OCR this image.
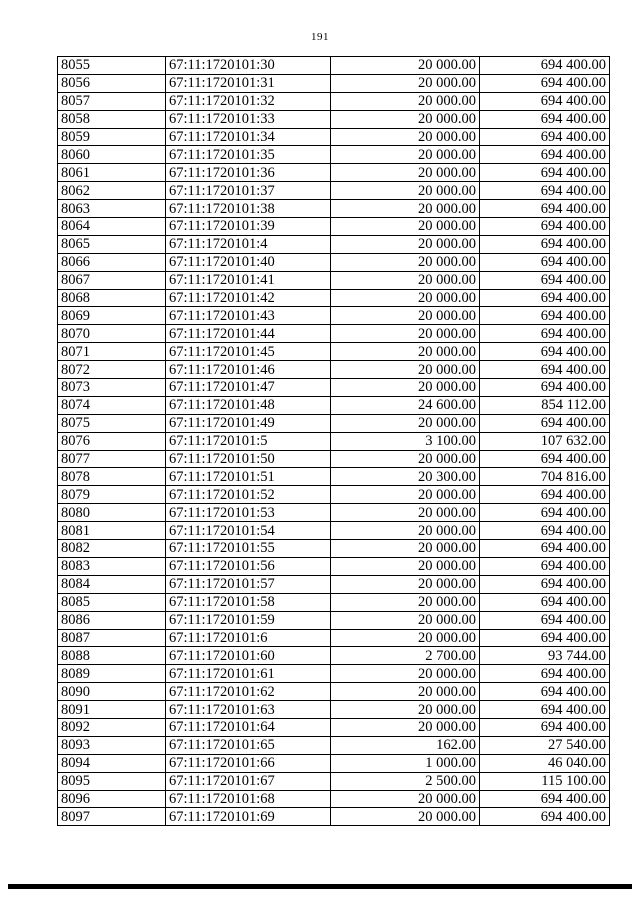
191
8055	67:11:1720101:30	20 000.00	694 400.00
8056	67:11:1720101:31	20 000.00	694 400.00
8057	67:11:1720101:32	20 000.00	694 400.00
8058	67:11:1720101:33	20 000.00	694 400.00
8059	67:11:1720101:34	20 000.00	694 400.00
8060	67:11:1720101:35	20 000.00	694 400.00
8061	67:11:1720101:36	20 000.00	694 400.00
8062	67:11:1720101:37	20 000.00	694 400.00
8063	67:11:1720101:38	20 000.00	694 400.00
8064	67:11:1720101:39	20 000.00	694 400.00
8065	67:11:1720101:4	20 000.00	694 400.00
8066	67:11:1720101:40	20 000.00	694 400.00
8067	67:11:1720101:41	20 000.00	694 400.00
8068	67:11:1720101:42	20 000.00	694 400.00
8069	67:11:1720101:43	20 000.00	694 400.00
8070	67:11:1720101:44	20 000.00	694 400.00
8071	67:11:1720101:45	20 000.00	694 400.00
8072	67:11:1720101:46	20 000.00	694 400.00
8073	67:11:1720101:47	20 000.00	694 400.00
8074	67:11:1720101:48	24 600.00	854 112.00
8075	67:11:1720101:49	20 000.00	694 400.00
8076	67:11:1720101:5	3 100.00	107 632.00
8077	67:11:1720101:50	20 000.00	694 400.00
8078	67:11:1720101:51	20 300.00	704 816.00
8079	67:11:1720101:52	20 000.00	694 400.00
8080	67:11:1720101:53	20 000.00	694 400.00
8081	67:11:1720101:54	20 000.00	694 400.00
8082	67:11:1720101:55	20 000.00	694 400.00
8083	67:11:1720101:56	20 000.00	694 400.00
8084	67:11:1720101:57	20 000.00	694 400.00
8085	67:11:1720101:58	20 000.00	694 400.00
8086	67:11:1720101:59	20 000.00	694 400.00
8087	67:11:1720101:6	20 000.00	694 400.00
8088	67:11:1720101:60	2 700.00	93 744.00
8089	67:11:1720101:61	20 000.00	694 400.00
8090	67:11:1720101:62	20 000.00	694 400.00
8091	67:11:1720101:63	20 000.00	694 400.00
8092	67:11:1720101:64	20 000.00	694 400.00
8093	67:11:1720101:65	162.00	27 540.00
8094	67:11:1720101:66	1 000.00	46 040.00
8095	67:11:1720101:67	2 500.00	115 100.00
8096	67:11:1720101:68	20 000.00	694 400.00
8097	67:11:1720101:69	20 000.00	694 400.00
